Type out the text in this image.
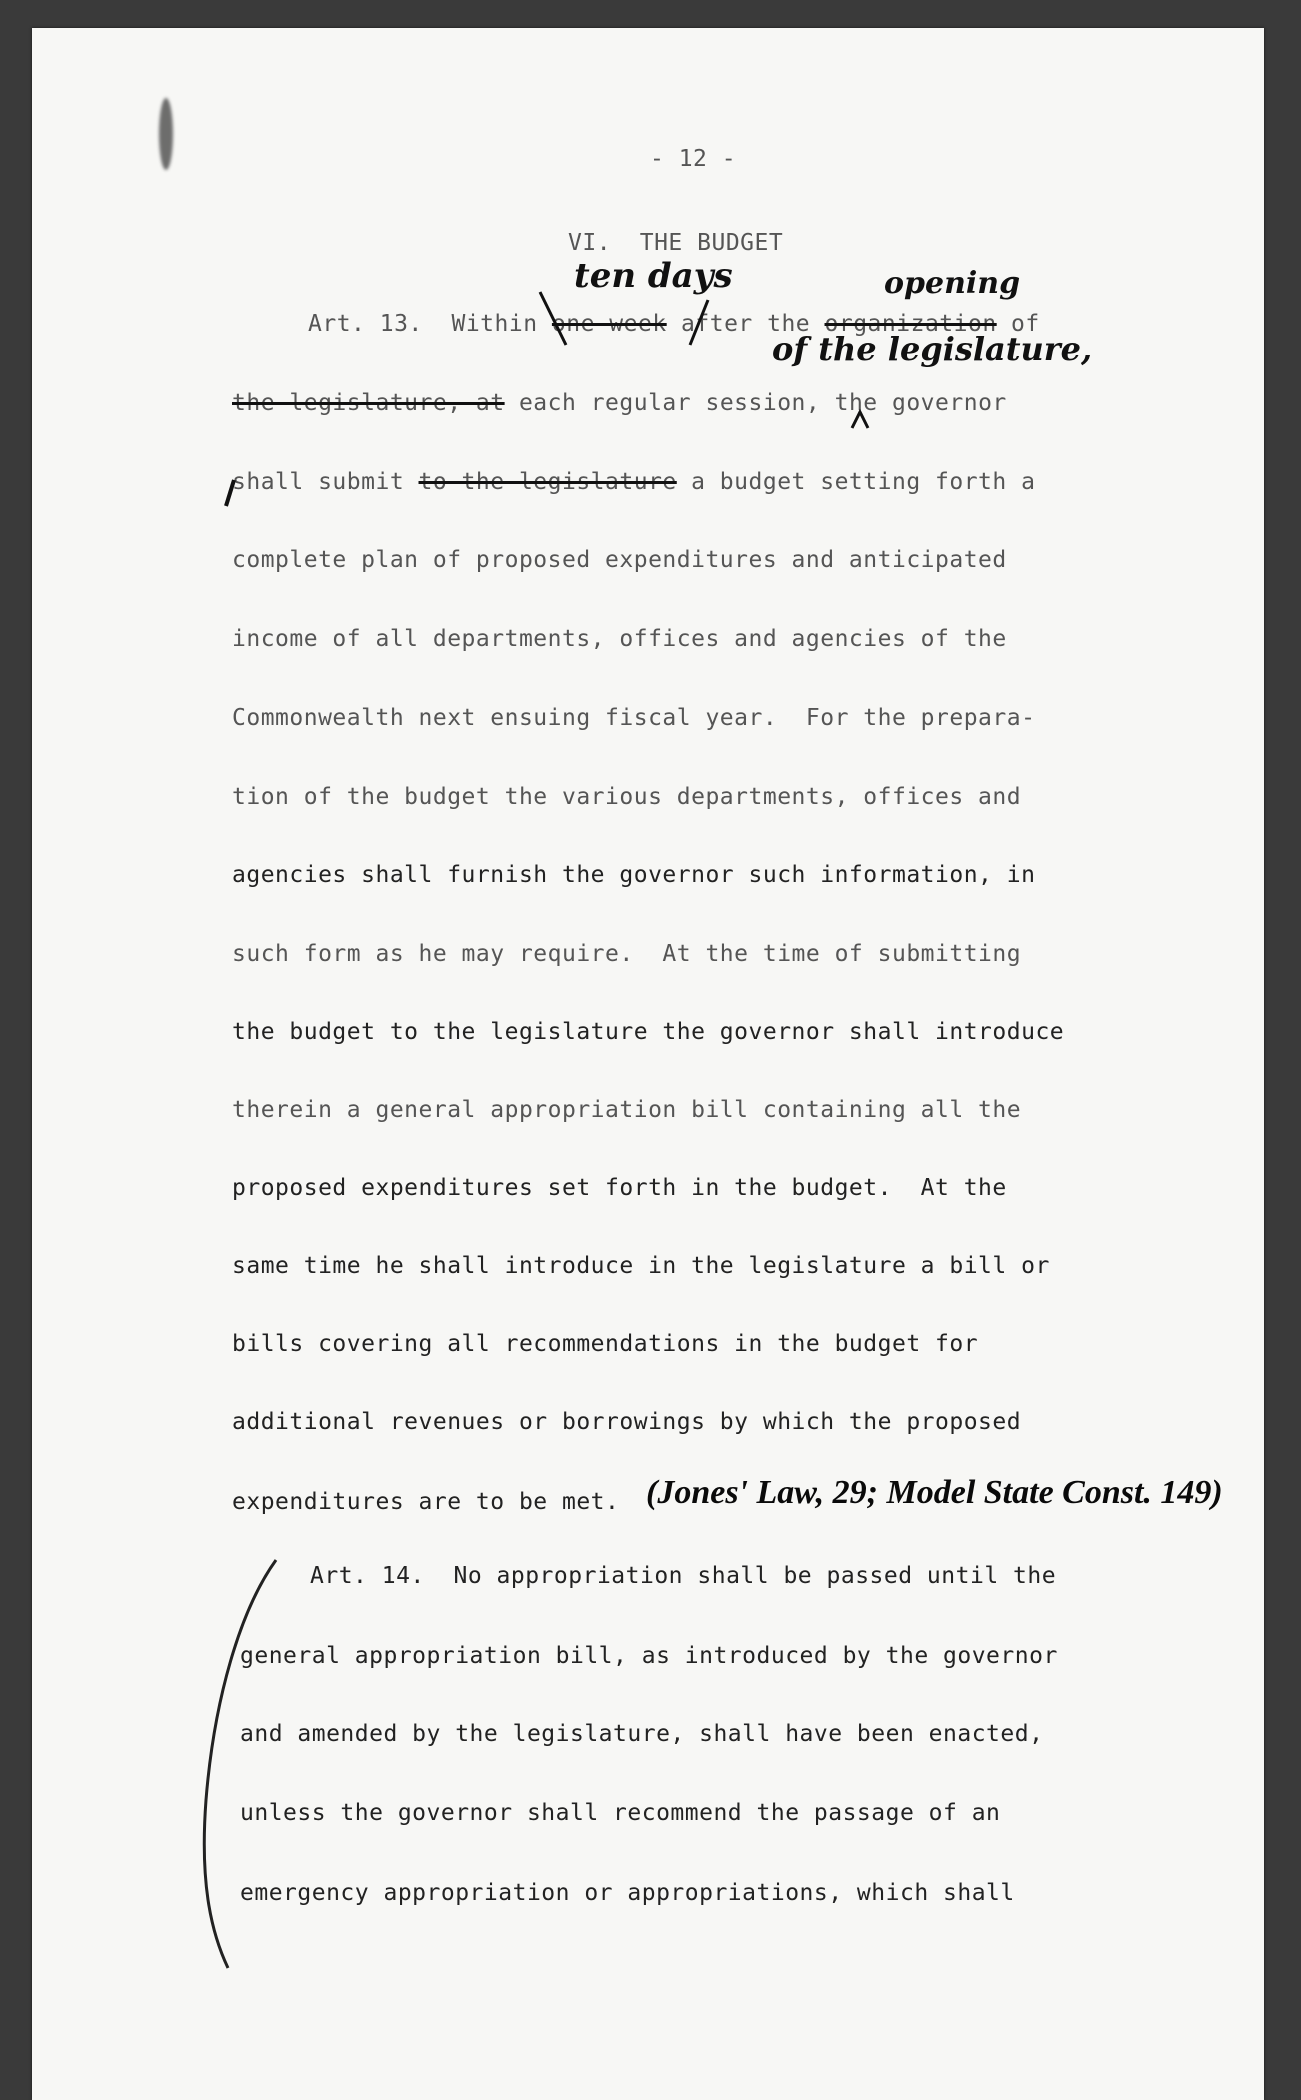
- 12 -
VI.  THE BUDGET
Art. 13.  Within one week after the organization of
ten days	opening
of the legislature,
the legislature, at each regular session, the governor
shall submit to the legislature a budget setting forth a
complete plan of proposed expenditures and anticipated
income of all departments, offices and agencies of the
Commonwealth next ensuing fiscal year.  For the prepara-
tion of the budget the various departments, offices and
agencies shall furnish the governor such information, in
such form as he may require.  At the time of submitting
the budget to the legislature the governor shall introduce
therein a general appropriation bill containing all the
proposed expenditures set forth in the budget.  At the
same time he shall introduce in the legislature a bill or
bills covering all recommendations in the budget for
additional revenues or borrowings by which the proposed
expenditures are to be met. (Jones' Law, 29; Model State Const. 149)
Art. 14.  No appropriation shall be passed until the
general appropriation bill, as introduced by the governor
and amended by the legislature, shall have been enacted,
unless the governor shall recommend the passage of an
emergency appropriation or appropriations, which shall
